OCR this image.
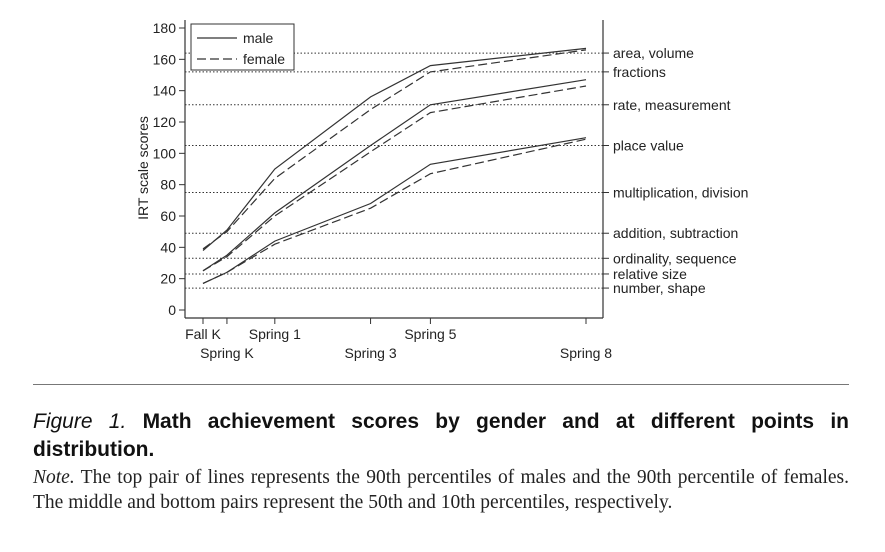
area, volume
fractions
rate, measurement
place value
multiplication, division
addition, subtraction
ordinality, sequence
relative size
number, shape
0
20
40
60
80
100
120
140
160
180
Fall K
Spring K
Spring 1
Spring 3
Spring 5
Spring 8
male
female
IRT scale scores
Figure 1. Math achievement scores by gender and at different points in
distribution.
Note. The top pair of lines represents the 90th percentiles of males and the 90th percentile of females. The middle and bottom pairs represent the 50th and 10th percentiles, respectively.
